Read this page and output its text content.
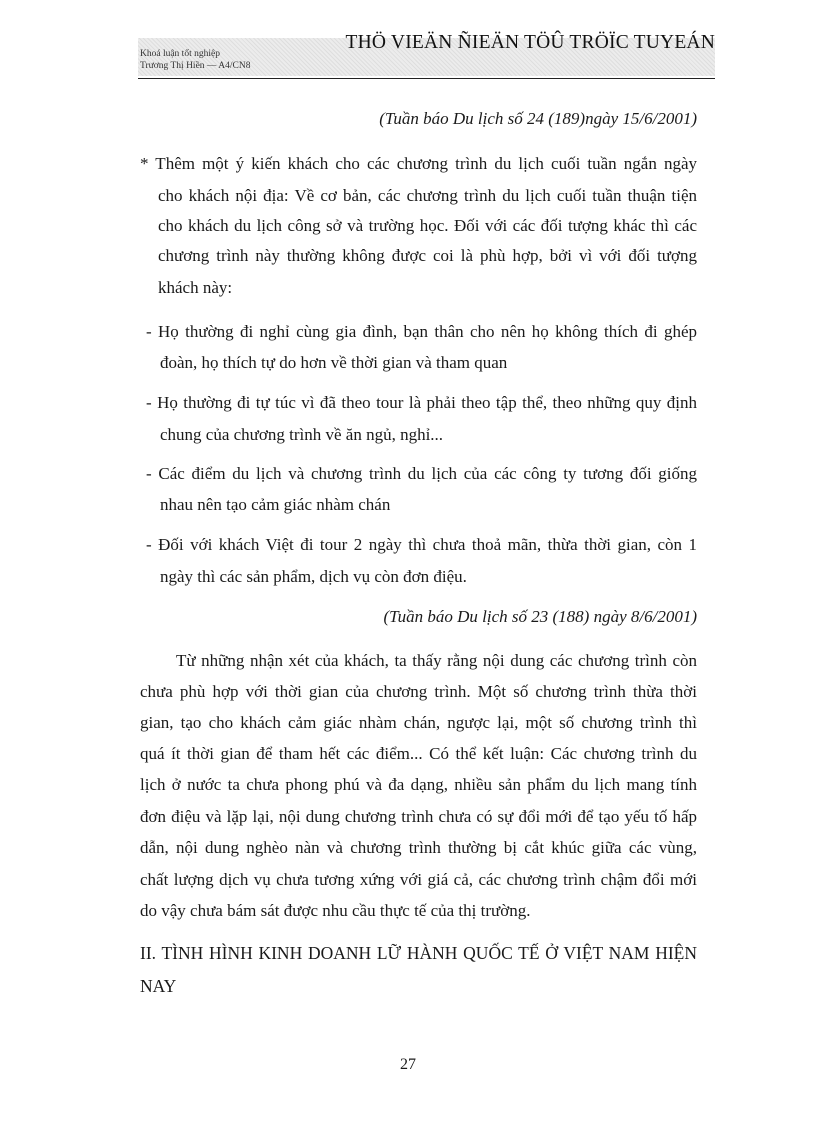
Khoá luận tốt nghiệp
Trương Thị Hiền — A4/CN8
THÖ VIEÄN ÑIEÄN TÖÛ TRÖÏC TUYEÁN
(Tuần báo Du lịch số 24 (189)ngày 15/6/2001)
* Thêm một ý kiến khách cho các chương trình du lịch cuối tuần ngắn ngày
cho khách nội địa: Về cơ bản, các chương trình du lịch cuối tuần thuận tiện
cho khách du lịch công sở và trường học. Đối với các đối tượng khác thì các
chương trình này thường không được coi là phù hợp, bởi vì với đối tượng
khách này:
- Họ thường đi nghỉ cùng gia đình, bạn thân cho nên họ không thích đi ghép
đoàn, họ thích tự do hơn về thời gian và tham quan
- Họ thường đi tự túc vì đã theo tour là phải theo tập thể, theo những quy định
chung của chương trình về ăn ngủ, nghỉ...
- Các điểm du lịch và chương trình du lịch của các công ty tương đối giống
nhau nên tạo cảm giác nhàm chán
- Đối với khách Việt đi tour 2 ngày thì chưa thoả mãn, thừa thời gian, còn 1
ngày thì các sản phẩm, dịch vụ còn đơn điệu.
(Tuần báo Du lịch số 23 (188) ngày 8/6/2001)
Từ những nhận xét của khách, ta thấy rằng nội dung các chương trình còn
chưa phù hợp với thời gian của chương trình. Một số chương trình thừa thời
gian, tạo cho khách cảm giác nhàm chán, ngược lại, một số chương trình thì
quá ít thời gian để tham hết các điểm... Có thể kết luận: Các chương trình du
lịch ở nước ta chưa phong phú và đa dạng, nhiều sản phẩm du lịch mang tính
đơn điệu và lặp lại, nội dung chương trình chưa có sự đổi mới để tạo yếu tố hấp
dẫn, nội dung nghèo nàn và chương trình thường bị cắt khúc giữa các vùng,
chất lượng dịch vụ chưa tương xứng với giá cả, các chương trình chậm đổi mới
do vậy chưa bám sát được nhu cầu thực tế của thị trường.
II. TÌNH HÌNH KINH DOANH LỮ HÀNH QUỐC TẾ Ở VIỆT NAM HIỆN
NAY
27
